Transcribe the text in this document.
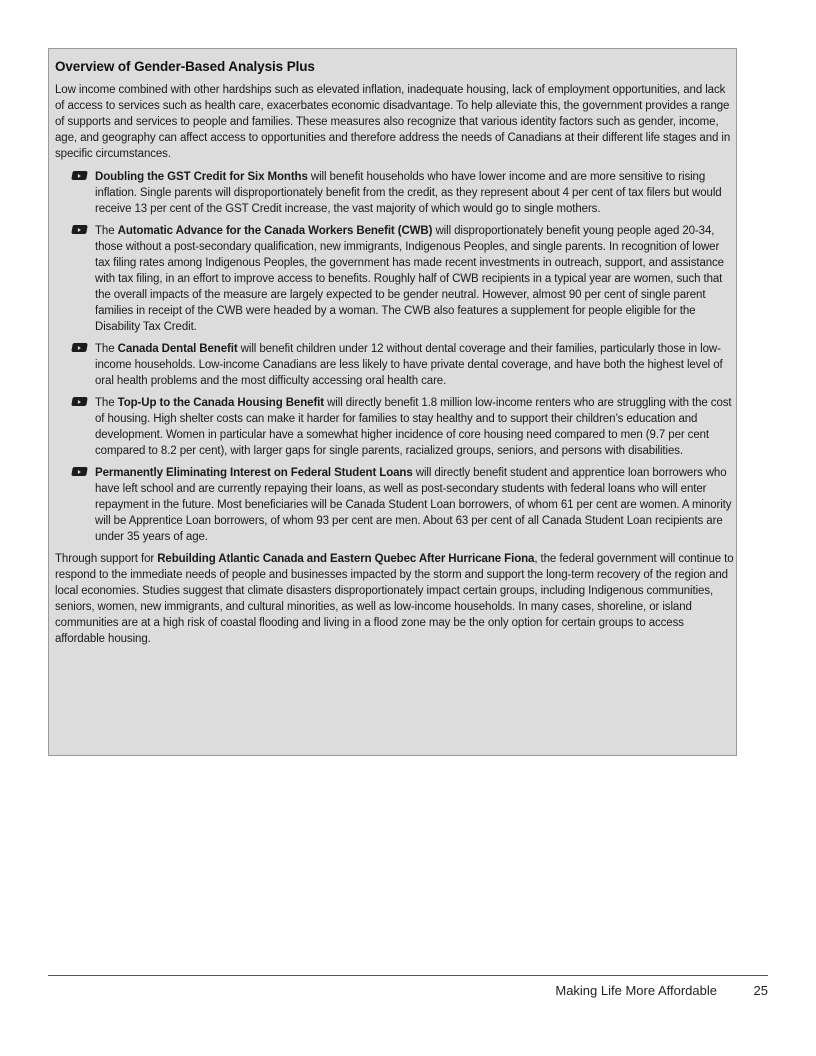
Overview of Gender-Based Analysis Plus

Low income combined with other hardships such as elevated inflation, inadequate housing, lack of employment opportunities, and lack of access to services such as health care, exacerbates economic disadvantage. To help alleviate this, the government provides a range of supports and services to people and families. These measures also recognize that various identity factors such as gender, income, age, and geography can affect access to opportunities and therefore address the needs of Canadians at their different life stages and in specific circumstances.

Doubling the GST Credit for Six Months will benefit households who have lower income and are more sensitive to rising inflation. Single parents will disproportionately benefit from the credit, as they represent about 4 per cent of tax filers but would receive 13 per cent of the GST Credit increase, the vast majority of which would go to single mothers.
The Automatic Advance for the Canada Workers Benefit (CWB) will disproportionately benefit young people aged 20-34, those without a post-secondary qualification, new immigrants, Indigenous Peoples, and single parents. In recognition of lower tax filing rates among Indigenous Peoples, the government has made recent investments in outreach, support, and assistance with tax filing, in an effort to improve access to benefits. Roughly half of CWB recipients in a typical year are women, such that the overall impacts of the measure are largely expected to be gender neutral. However, almost 90 per cent of single parent families in receipt of the CWB were headed by a woman. The CWB also features a supplement for people eligible for the Disability Tax Credit.
The Canada Dental Benefit will benefit children under 12 without dental coverage and their families, particularly those in low-income households. Low-income Canadians are less likely to have private dental coverage, and have both the highest level of oral health problems and the most difficulty accessing oral health care.
The Top-Up to the Canada Housing Benefit will directly benefit 1.8 million low-income renters who are struggling with the cost of housing. High shelter costs can make it harder for families to stay healthy and to support their children’s education and development. Women in particular have a somewhat higher incidence of core housing need compared to men (9.7 per cent compared to 8.2 per cent), with larger gaps for single parents, racialized groups, seniors, and persons with disabilities.
Permanently Eliminating Interest on Federal Student Loans will directly benefit student and apprentice loan borrowers who have left school and are currently repaying their loans, as well as post-secondary students with federal loans who will enter repayment in the future. Most beneficiaries will be Canada Student Loan borrowers, of whom 61 per cent are women. A minority will be Apprentice Loan borrowers, of whom 93 per cent are men. About 63 per cent of all Canada Student Loan recipients are under 35 years of age.

Through support for Rebuilding Atlantic Canada and Eastern Quebec After Hurricane Fiona, the federal government will continue to respond to the immediate needs of people and businesses impacted by the storm and support the long-term recovery of the region and local economies. Studies suggest that climate disasters disproportionately impact certain groups, including Indigenous communities, seniors, women, new immigrants, and cultural minorities, as well as low-income households. In many cases, shoreline, or island communities are at a high risk of coastal flooding and living in a flood zone may be the only option for certain groups to access affordable housing.

Making Life More Affordable	25
